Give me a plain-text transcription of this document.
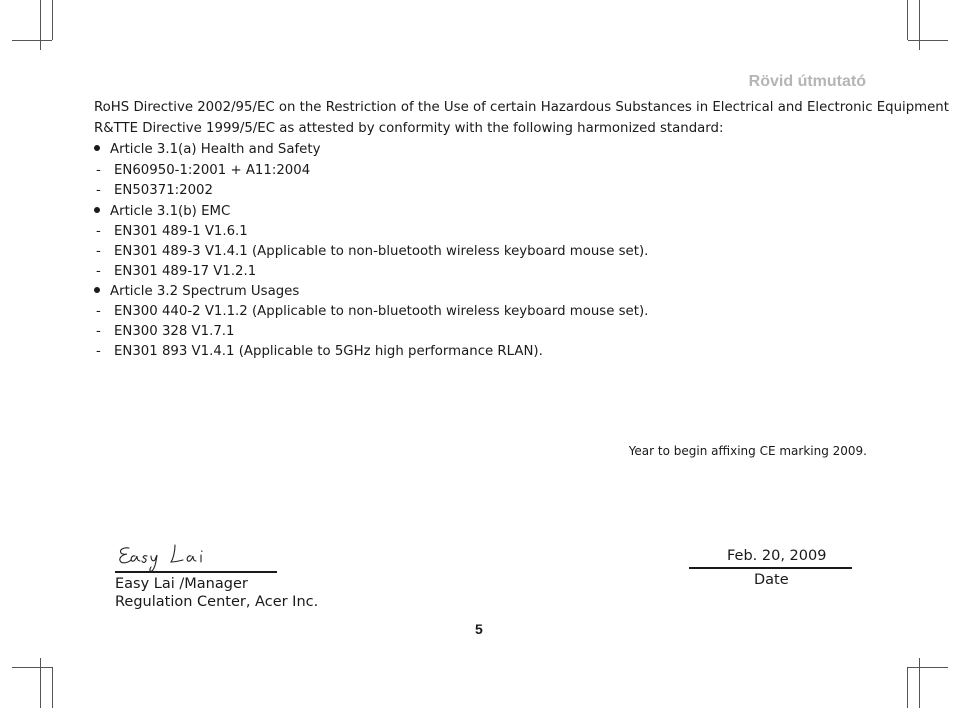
Rövid útmutató
RoHS Directive 2002/95/EC on the Restriction of the Use of certain Hazardous Substances in Electrical and Electronic Equipment
R&TTE Directive 1999/5/EC as attested by conformity with the following harmonized standard:
Article 3.1(a) Health and Safety
- EN60950-1:2001 + A11:2004
- EN50371:2002
Article 3.1(b) EMC
- EN301 489-1 V1.6.1
- EN301 489-3 V1.4.1 (Applicable to non-bluetooth wireless keyboard mouse set).
- EN301 489-17 V1.2.1
Article 3.2 Spectrum Usages
- EN300 440-2 V1.1.2 (Applicable to non-bluetooth wireless keyboard mouse set).
- EN300 328 V1.7.1
- EN301 893 V1.4.1 (Applicable to 5GHz high performance RLAN).
Year to begin affixing CE marking 2009.
Easy Lai /Manager
Regulation Center, Acer Inc.
Feb. 20, 2009
Date
5
